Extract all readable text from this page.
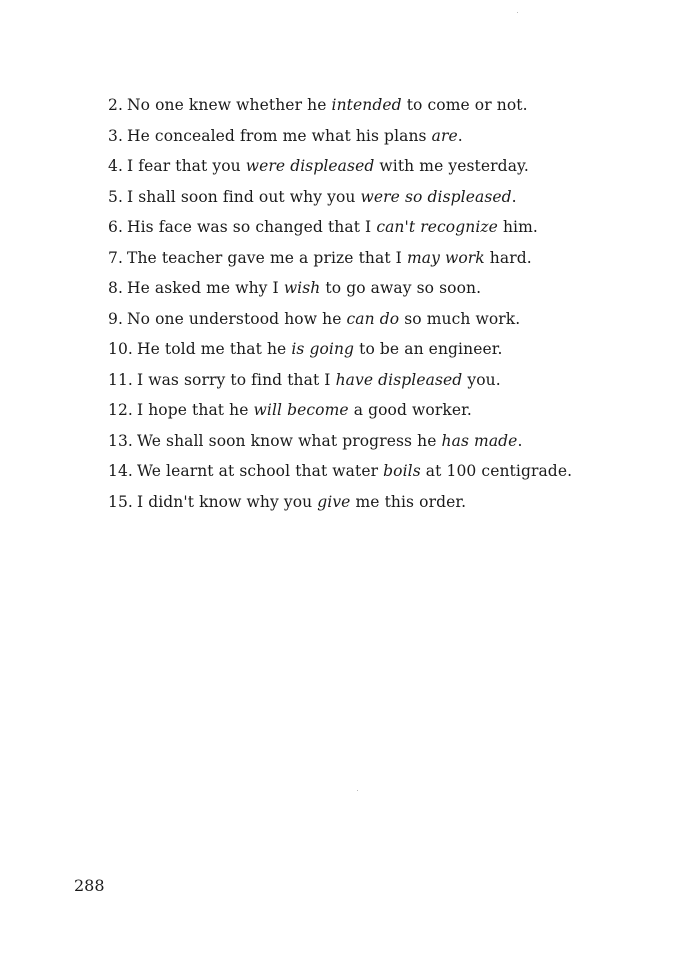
2. No one knew whether he intended to come or not.
3. He concealed from me what his plans are.
4. I fear that you were displeased with me yesterday.
5. I shall soon find out why you were so displeased.
6. His face was so changed that I can't recognize him.
7. The teacher gave me a prize that I may work hard.
8. He asked me why I wish to go away so soon.
9. No one understood how he can do so much work.
10. He told me that he is going to be an engineer.
11. I was sorry to find that I have displeased you.
12. I hope that he will become a good worker.
13. We shall soon know what progress he has made.
14. We learnt at school that water boils at 100 centigrade.
15. I didn't know why you give me this order.
288
